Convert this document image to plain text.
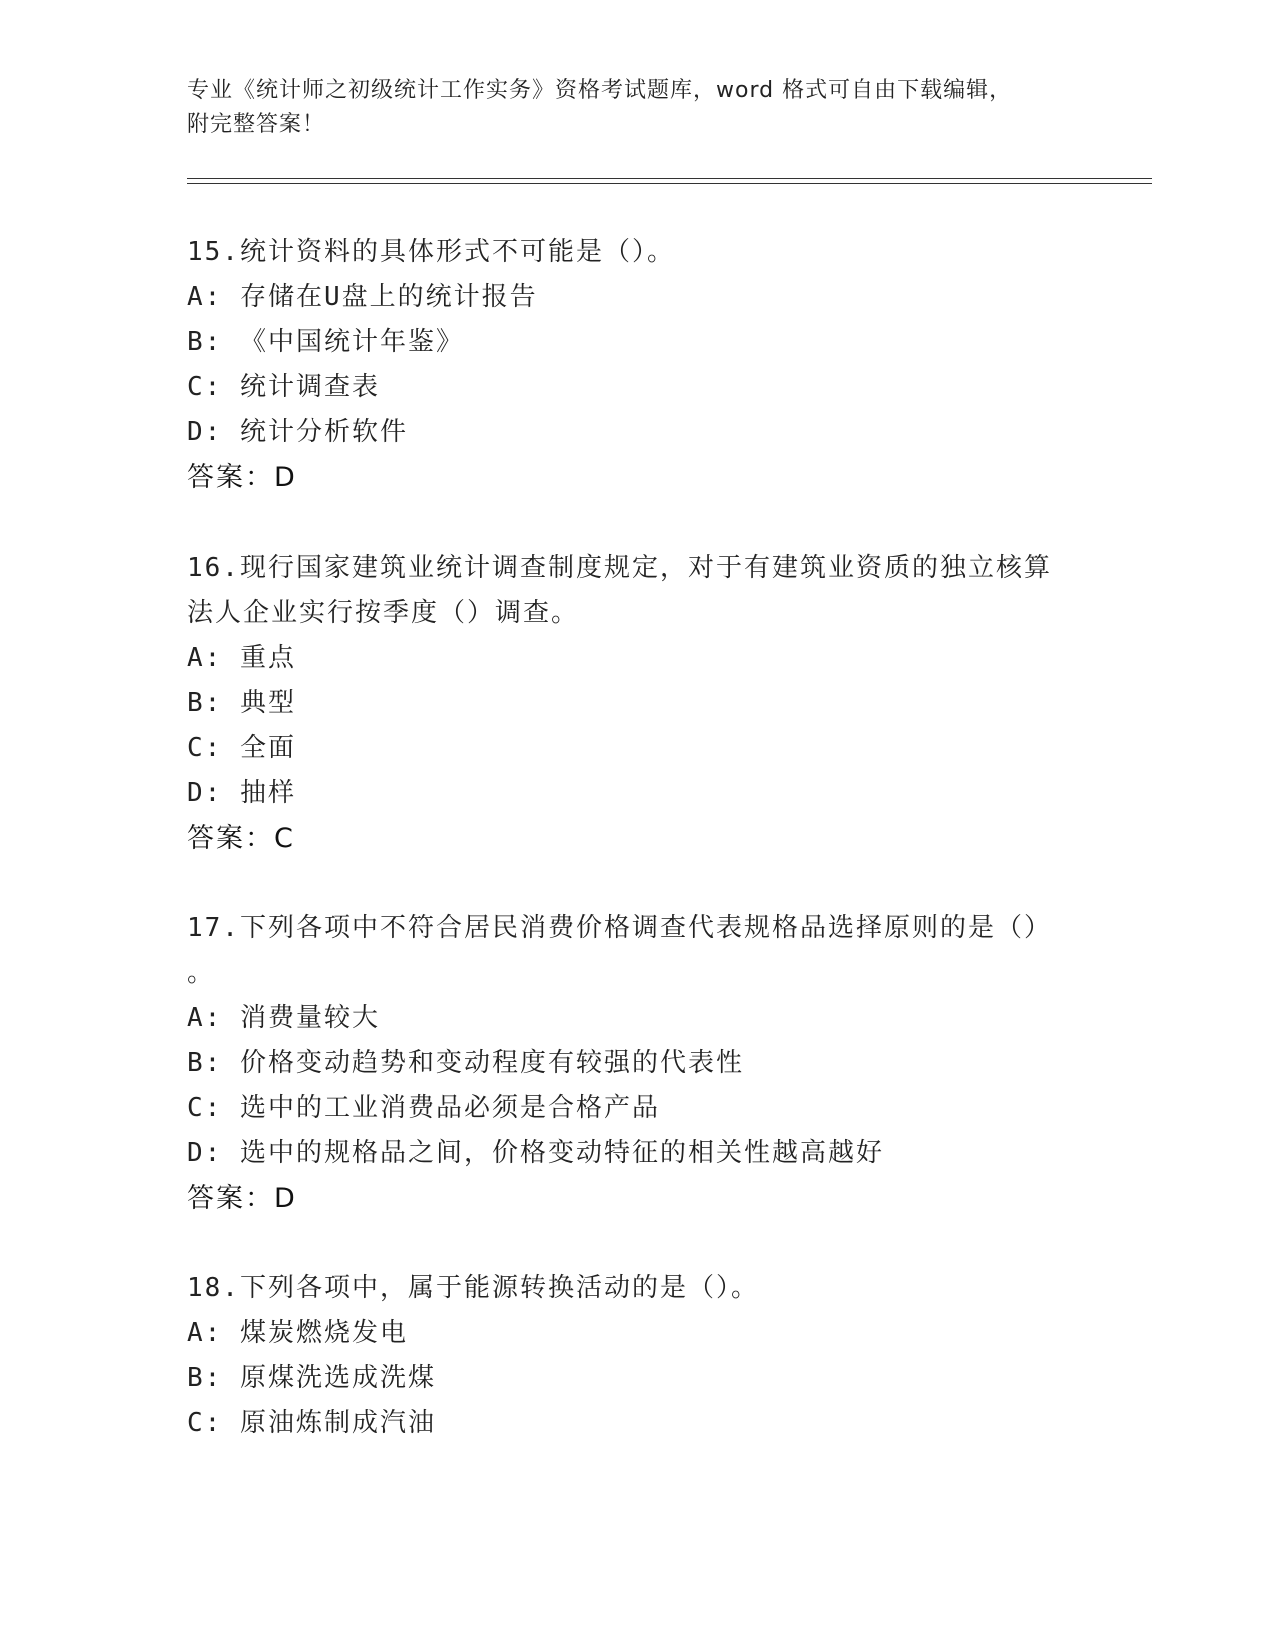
专业《统计师之初级统计工作实务》资格考试题库，word 格式可自由下载编辑，
附完整答案！
15.统计资料的具体形式不可能是（）。
A: 存储在U盘上的统计报告
B: 《中国统计年鉴》
C: 统计调查表
D: 统计分析软件
答案：D
16.现行国家建筑业统计调查制度规定，对于有建筑业资质的独立核算
法人企业实行按季度（）调查。
A: 重点
B: 典型
C: 全面
D: 抽样
答案：C
17.下列各项中不符合居民消费价格调查代表规格品选择原则的是（）
。
A: 消费量较大
B: 价格变动趋势和变动程度有较强的代表性
C: 选中的工业消费品必须是合格产品
D: 选中的规格品之间，价格变动特征的相关性越高越好
答案：D
18.下列各项中，属于能源转换活动的是（）。
A: 煤炭燃烧发电
B: 原煤洗选成洗煤
C: 原油炼制成汽油
